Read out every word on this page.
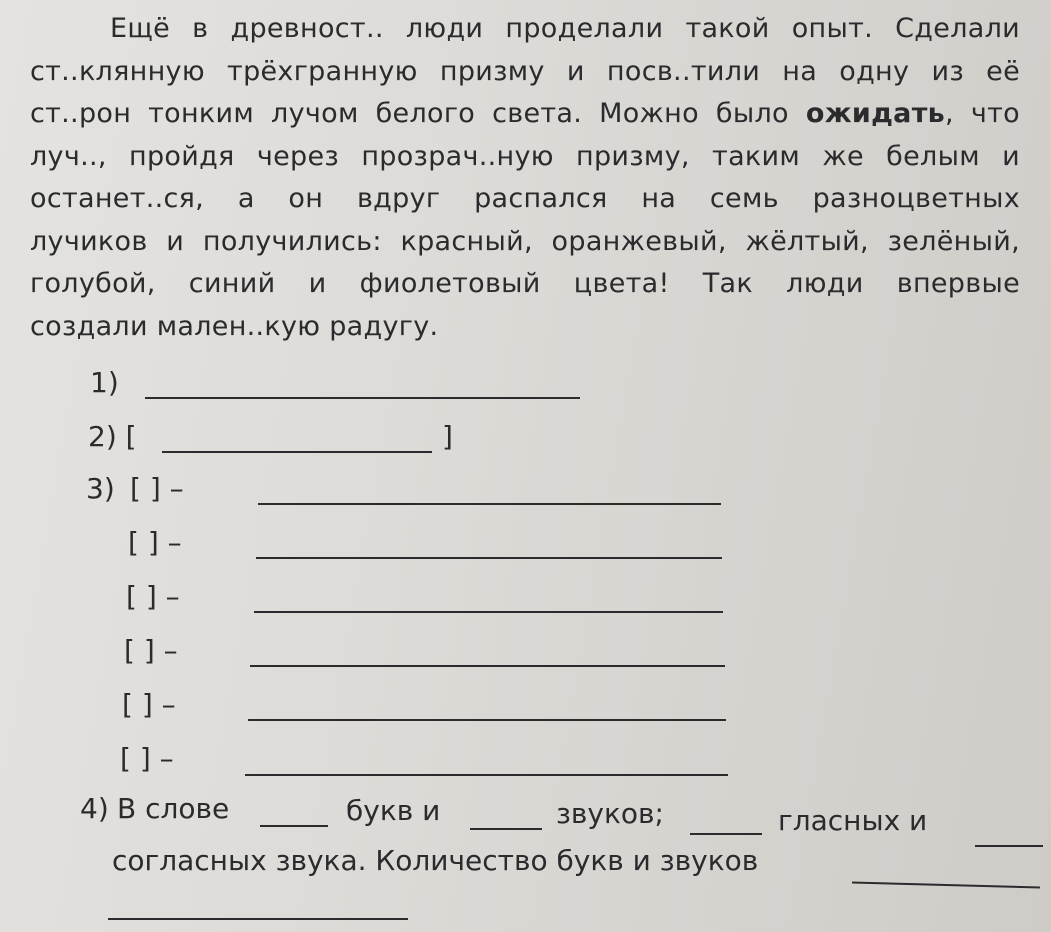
Ещё в древност.. люди проделали такой опыт. Сделали
ст..клянную трёхгранную призму и посв..тили на одну из её
ст..рон тонким лучом белого света. Можно было ожидать, что
луч.., пройдя через прозрач..ную призму, таким же белым и
останет..ся, а он вдруг распался на семь разноцветных
лучиков и получились: красный, оранжевый, жёлтый, зелёный,
голубой, синий и фиолетовый цвета! Так люди впервые
создали мален..кую радугу.
1)
2) [	]
3) [ ] –
[ ] –
[ ] –
[ ] –
[ ] –
[ ] –
4) В слове	букв и	звуков;	гласных и
согласных звука. Количество букв и звуков
